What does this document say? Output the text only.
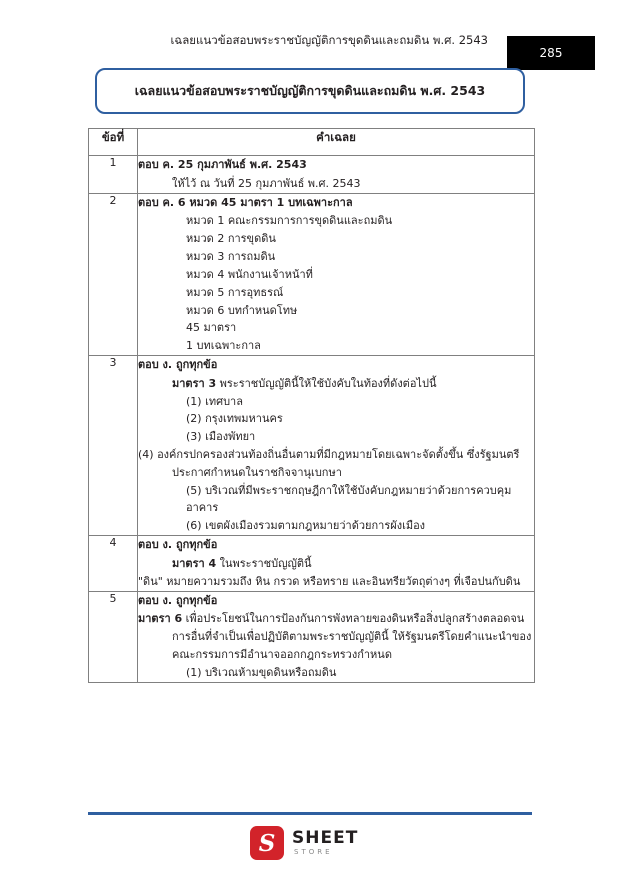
เฉลยแนวข้อสอบพระราชบัญญัติการขุดดินและถมดิน พ.ศ. 2543
285
เฉลยแนวข้อสอบพระราชบัญญัติการขุดดินและถมดิน พ.ศ. 2543
ข้อที่	คำเฉลย
1	ตอบ ค. 25 กุมภาพันธ์ พ.ศ. 2543

ให้ไว้ ณ วันที่ 25 กุมภาพันธ์ พ.ศ. 2543

2	ตอบ ค. 6 หมวด 45 มาตรา 1 บทเฉพาะกาล

หมวด 1 คณะกรรมการการขุดดินและถมดิน

หมวด 2 การขุดดิน

หมวด 3 การถมดิน

หมวด 4 พนักงานเจ้าหน้าที่

หมวด 5 การอุทธรณ์

หมวด 6 บทกำหนดโทษ

45 มาตรา

1 บทเฉพาะกาล

3	ตอบ ง. ถูกทุกข้อ

มาตรา 3 พระราชบัญญัตินี้ให้ใช้บังคับในท้องที่ดังต่อไปนี้

(1) เทศบาล

(2) กรุงเทพมหานคร

(3) เมืองพัทยา

(4) องค์กรปกครองส่วนท้องถิ่นอื่นตามที่มีกฎหมายโดยเฉพาะจัดตั้งขึ้น ซึ่งรัฐมนตรีประกาศกำหนดในราชกิจจานุเบกษา

(5) บริเวณที่มีพระราชกฤษฎีกาให้ใช้บังคับกฎหมายว่าด้วยการควบคุมอาคาร

(6) เขตผังเมืองรวมตามกฎหมายว่าด้วยการผังเมือง

4	ตอบ ง. ถูกทุกข้อ

มาตรา 4 ในพระราชบัญญัตินี้

"ดิน" หมายความรวมถึง หิน กรวด หรือทราย และอินทรียวัตถุต่างๆ ที่เจือปนกับดิน

5	ตอบ ง. ถูกทุกข้อ

มาตรา 6 เพื่อประโยชน์ในการป้องกันการพังทลายของดินหรือสิ่งปลูกสร้างตลอดจนการอื่นที่จำเป็นเพื่อปฏิบัติตามพระราชบัญญัตินี้ ให้รัฐมนตรีโดยคำแนะนำของคณะกรรมการมีอำนาจออกกฎกระทรวงกำหนด

(1) บริเวณห้ามขุดดินหรือถมดิน

S SHEET
STORE
